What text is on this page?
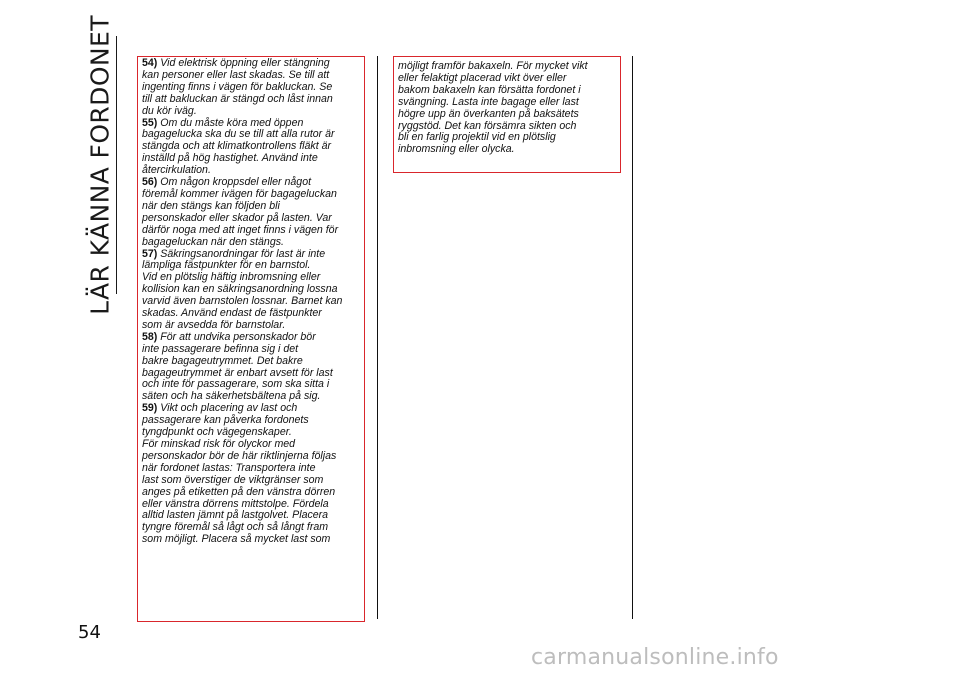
LÄR KÄNNA FORDONET	54) Vid elektrisk öppning eller stängning
kan personer eller last skadas. Se till att
ingenting finns i vägen för bakluckan. Se
till att bakluckan är stängd och låst innan
du kör iväg.
55) Om du måste köra med öppen
bagagelucka ska du se till att alla rutor är
stängda och att klimatkontrollens fläkt är
inställd på hög hastighet. Använd inte
återcirkulation.
56) Om någon kroppsdel eller något
föremål kommer ivägen för bagageluckan
när den stängs kan följden bli
personskador eller skador på lasten. Var
därför noga med att inget finns i vägen för
bagageluckan när den stängs.
57) Säkringsanordningar för last är inte
lämpliga fästpunkter för en barnstol.
Vid en plötslig häftig inbromsning eller
kollision kan en säkringsanordning lossna
varvid även barnstolen lossnar. Barnet kan
skadas. Använd endast de fästpunkter
som är avsedda för barnstolar.
58) För att undvika personskador bör
inte passagerare befinna sig i det
bakre bagageutrymmet. Det bakre
bagageutrymmet är enbart avsett för last
och inte för passagerare, som ska sitta i
säten och ha säkerhetsbältena på sig.
59) Vikt och placering av last och
passagerare kan påverka fordonets
tyngdpunkt och vägegenskaper.
För minskad risk för olyckor med
personskador bör de här riktlinjerna följas
när fordonet lastas: Transportera inte
last som överstiger de viktgränser som
anges på etiketten på den vänstra dörren
eller vänstra dörrens mittstolpe. Fördela
alltid lasten jämnt på lastgolvet. Placera
tyngre föremål så lågt och så långt fram
som möjligt. Placera så mycket last som
möjligt framför bakaxeln. För mycket vikt
eller felaktigt placerad vikt över eller
bakom bakaxeln kan försätta fordonet i
svängning. Lasta inte bagage eller last
högre upp än överkanten på baksätets
ryggstöd. Det kan försämra sikten och
bli en farlig projektil vid en plötslig
inbromsning eller olycka.
54
carmanualsonline.info
